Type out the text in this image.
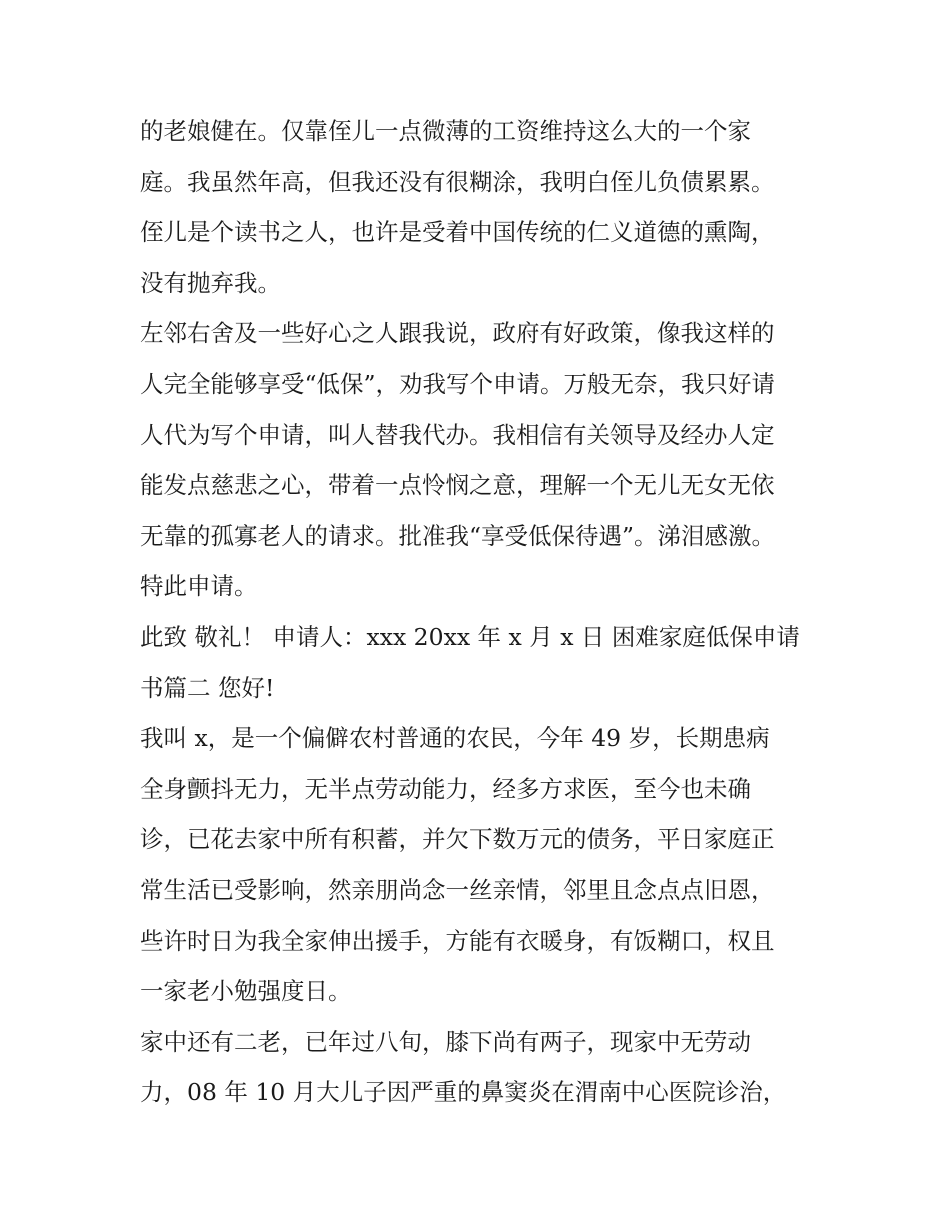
的老娘健在。仅靠侄儿一点微薄的工资维持这么大的一个家
庭。我虽然年高，但我还没有很糊涂，我明白侄儿负债累累。
侄儿是个读书之人，也许是受着中国传统的仁义道德的熏陶，
没有抛弃我。
左邻右舍及一些好心之人跟我说，政府有好政策，像我这样的
人完全能够享受“低保”，劝我写个申请。万般无奈，我只好请
人代为写个申请，叫人替我代办。我相信有关领导及经办人定
能发点慈悲之心，带着一点怜悯之意，理解一个无儿无女无依
无靠的孤寡老人的请求。批准我“享受低保待遇”。涕泪感激。
特此申请。
此致 敬礼！ 申请人：xxx 20xx 年 x 月 x 日 困难家庭低保申请
书篇二 您好!
我叫 x，是一个偏僻农村普通的农民，今年 49 岁，长期患病
全身颤抖无力，无半点劳动能力，经多方求医，至今也未确
诊，已花去家中所有积蓄，并欠下数万元的债务，平日家庭正
常生活已受影响，然亲朋尚念一丝亲情，邻里且念点点旧恩，
些许时日为我全家伸出援手，方能有衣暖身，有饭糊口，权且
一家老小勉强度日。
家中还有二老，已年过八旬，膝下尚有两子，现家中无劳动
力，08 年 10 月大儿子因严重的鼻窦炎在渭南中心医院诊治，
